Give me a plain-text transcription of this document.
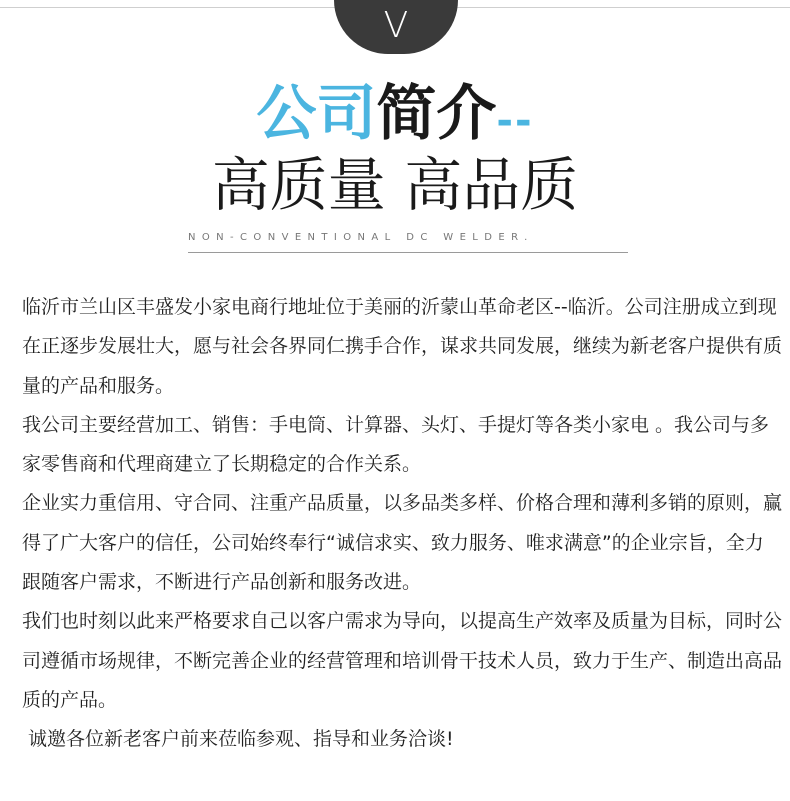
V
公司简介--
高质量 高品质
NON-CONVENTIONAL DC WELDER.

临沂市兰山区丰盛发小家电商行地址位于美丽的沂蒙山革命老区--临沂。公司注册成立到现在正逐步发展壮大，愿与社会各界同仁携手合作，谋求共同发展，继续为新老客户提供有质量的产品和服务。

我公司主要经营加工、销售：手电筒、计算器、头灯、手提灯等各类小家电 。我公司与多家零售商和代理商建立了长期稳定的合作关系。

企业实力重信用、守合同、注重产品质量，以多品类多样、价格合理和薄利多销的原则，赢得了广大客户的信任，公司始终奉行“诚信求实、致力服务、唯求满意”的企业宗旨，全力跟随客户需求，不断进行产品创新和服务改进。

我们也时刻以此来严格要求自己以客户需求为导向，以提高生产效率及质量为目标，同时公司遵循市场规律，不断完善企业的经营管理和培训骨干技术人员，致力于生产、制造出高品质的产品。

诚邀各位新老客户前来莅临参观、指导和业务洽谈!
